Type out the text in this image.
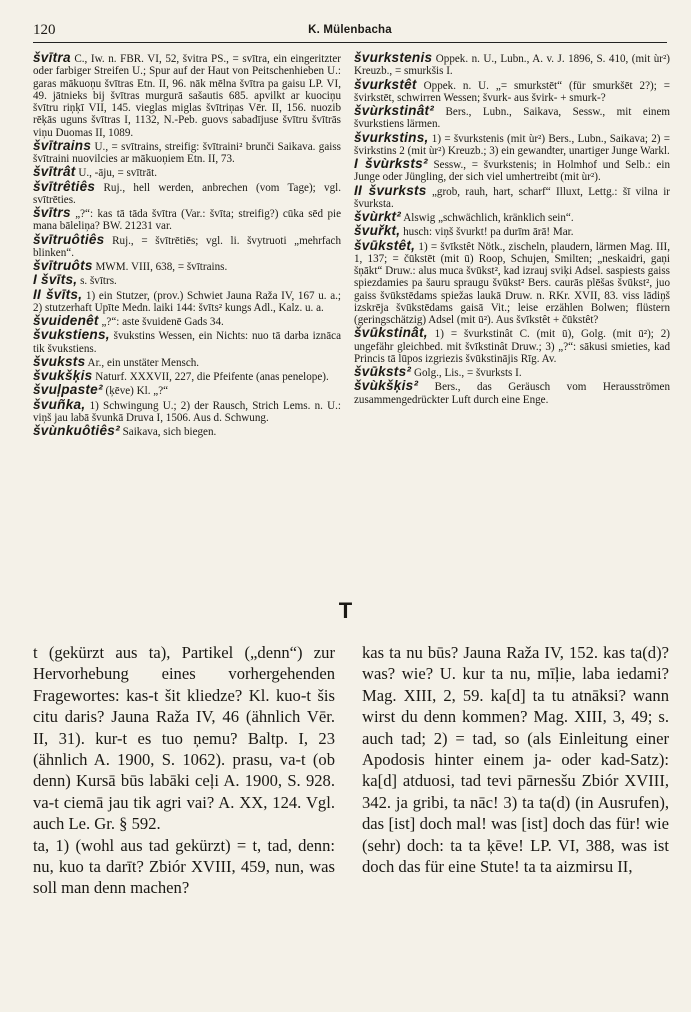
120	K. Mülenbacha
švītra C., Iw. n. FBR. VI, 52, švitra PS., = svītra, ein eingeritzter oder farbiger Streifen U.; Spur auf der Haut von Peitschenhieben U.: garas mākuoņu švītras Etn. II, 96. nāk mēlna švītra pa gaisu LP. VI, 49. jātnieks bij švītras murgurā sašautis 685. apvilkt ar kuociņu švītru riņķī VII, 145. vieglas miglas švītriņas Vēr. II, 156. nuozib rēķās uguns švītras I, 1132, N.-Peb. guovs sabadījuse švītru švītrās viņu Duomas II, 1089.
švītrains U., = svītrains, streifig: švītraini² brunči Saikava. gaiss švītraini nuovilcies ar mākuoņiem Etn. II, 73.
švītrât U., -āju, = svītrāt.
švītrêtiês Ruj., hell werden, anbrechen (vom Tage); vgl. svītrēties.
švītrs „?“: kas tā tāda švītra (Var.: švīta; streifig?) cūka sēd pie mana bāleliņa? BW. 21231 var.
švītruôtiês Ruj., = švītrētiēs; vgl. li. švytruoti „mehrfach blinken“.
švītruôts MWM. VIII, 638, = švītrains.
I švīts, s. švītrs.
II švīts, 1) ein Stutzer, (prov.) Schwiet Jauna Raža IV, 167 u. a.; 2) stutzerhaft Upīte Medn. laiki 144: švīts² kungs Adl., Kalz. u. a.
švuidenêt „?“: aste švuidenē Gads 34.
švukstiens, švukstins Wessen, ein Nichts: nuo tā darba iznāca tik švukstiens.
švuksts Ar., ein unstäter Mensch.
švukšķis Naturf. XXXVII, 227, die Pfeifente (anas penelope).
švuļpaste² (ķēve) Kl. „?“
švuñka, 1) Schwingung U.; 2) der Rausch, Strich Lems. n. U.: viņš jau labā švunkā Druva I, 1506. Aus d. Schwung.
švùnkuôtiês² Saikava, sich biegen.
švurkstenis Oppek. n. U., Lubn., A. v. J. 1896, S. 410, (mit ùr²) Kreuzb., = smurkšis I.
švurkstêt Oppek. n. U. „= smurkstēt“ (für smurkšēt 2?); = švirkstēt, schwirren Wessen; švurk- aus švirk- + smurk-?
švùrkstinât² Bers., Lubn., Saikava, Sessw., mit einem švurkstiens lärmen.
švurkstins, 1) = švurkstenis (mit ùr²) Bers., Lubn., Saikava; 2) = švirkstins 2 (mit ùr²) Kreuzb.; 3) ein gewandter, unartiger Junge Warkl.
I švùrksts² Sessw., = švurkstenis; in Holmhof und Selb.: ein Junge oder Jüngling, der sich viel umhertreibt (mit ùr²).
II švurksts „grob, rauh, hart, scharf“ Illuxt, Lettg.: šī vilna ir švurksta.
švùrkt² Alswig „schwächlich, kränklich sein“.
švuřkt, husch: viņš švurkt! pa durīm ārā! Mar.
švūkstêt, 1) = švīkstêt Nötk., zischeln, plaudern, lärmen Mag. III, 1, 137; = čūkstēt (mit ū) Roop, Schujen, Smilten; „neskaidri, gaņi šņākt“ Druw.: alus muca švūkst², kad izrauj sviķi Adsel. saspiests gaiss spiezdamies pa šauru spraugu švūkst² Bers. caurās plēšas švūkst², juo gaiss švūkstēdams spiežas laukā Druw. n. RKr. XVII, 83. viss lādiņš izskrēja švūkstēdams gaisā Vit.; leise erzählen Bolwen; flüstern (geringschätzig) Adsel (mit ū²). Aus švīkstêt + čūkstêt?
švūkstinât, 1) = švurkstinât C. (mit ū), Golg. (mit ū²); 2) ungefähr gleichbed. mit švīkstinât Druw.; 3) „?“: sākusi smieties, kad Princis tā lūpos izgriezis švūkstinājis Rīg. Av.
švūksts² Golg., Lis., = švurksts I.
švùkšķis² Bers., das Geräusch vom Herausströmen zusammengedrückter Luft durch eine Enge.
T

t (gekürzt aus ta), Partikel („denn“) zur Hervorhebung eines vorhergehenden Fragewortes: kas-t šit kliedze? Kl. kuo-t šis citu daris? Jauna Raža IV, 46 (ähnlich Vēr. II, 31). kur-t es tuo ņemu? Baltp. I, 23 (ähnlich A. 1900, S. 1062). prasu, va-t (ob denn) Kursā būs labāki ceļi A. 1900, S. 928. va-t ciemā jau tik agri vai? A. XX, 124. Vgl. auch Le. Gr. § 592.

ta, 1) (wohl aus tad gekürzt) = t, tad, denn: nu, kuo ta darīt? Zbiór XVIII, 459, nun, was soll man denn machen?

kas ta nu būs? Jauna Raža IV, 152. kas ta(d)? was? wie? U. kur ta nu, mīļie, laba iedami? Mag. XIII, 2, 59. ka[d] ta tu atnāksi? wann wirst du denn kommen? Mag. XIII, 3, 49; s. auch tad; 2) = tad, so (als Einleitung einer Apodosis hinter einem ja- oder kad-Satz): ka[d] atduosi, tad tevi pārnesšu Zbiór XVIII, 342. ja gribi, ta nāc! 3) ta ta(d) (in Ausrufen), das [ist] doch mal! was [ist] doch das für! wie (sehr) doch: ta ta ķēve! LP. VI, 388, was ist doch das für eine Stute! ta ta aizmirsu II,
